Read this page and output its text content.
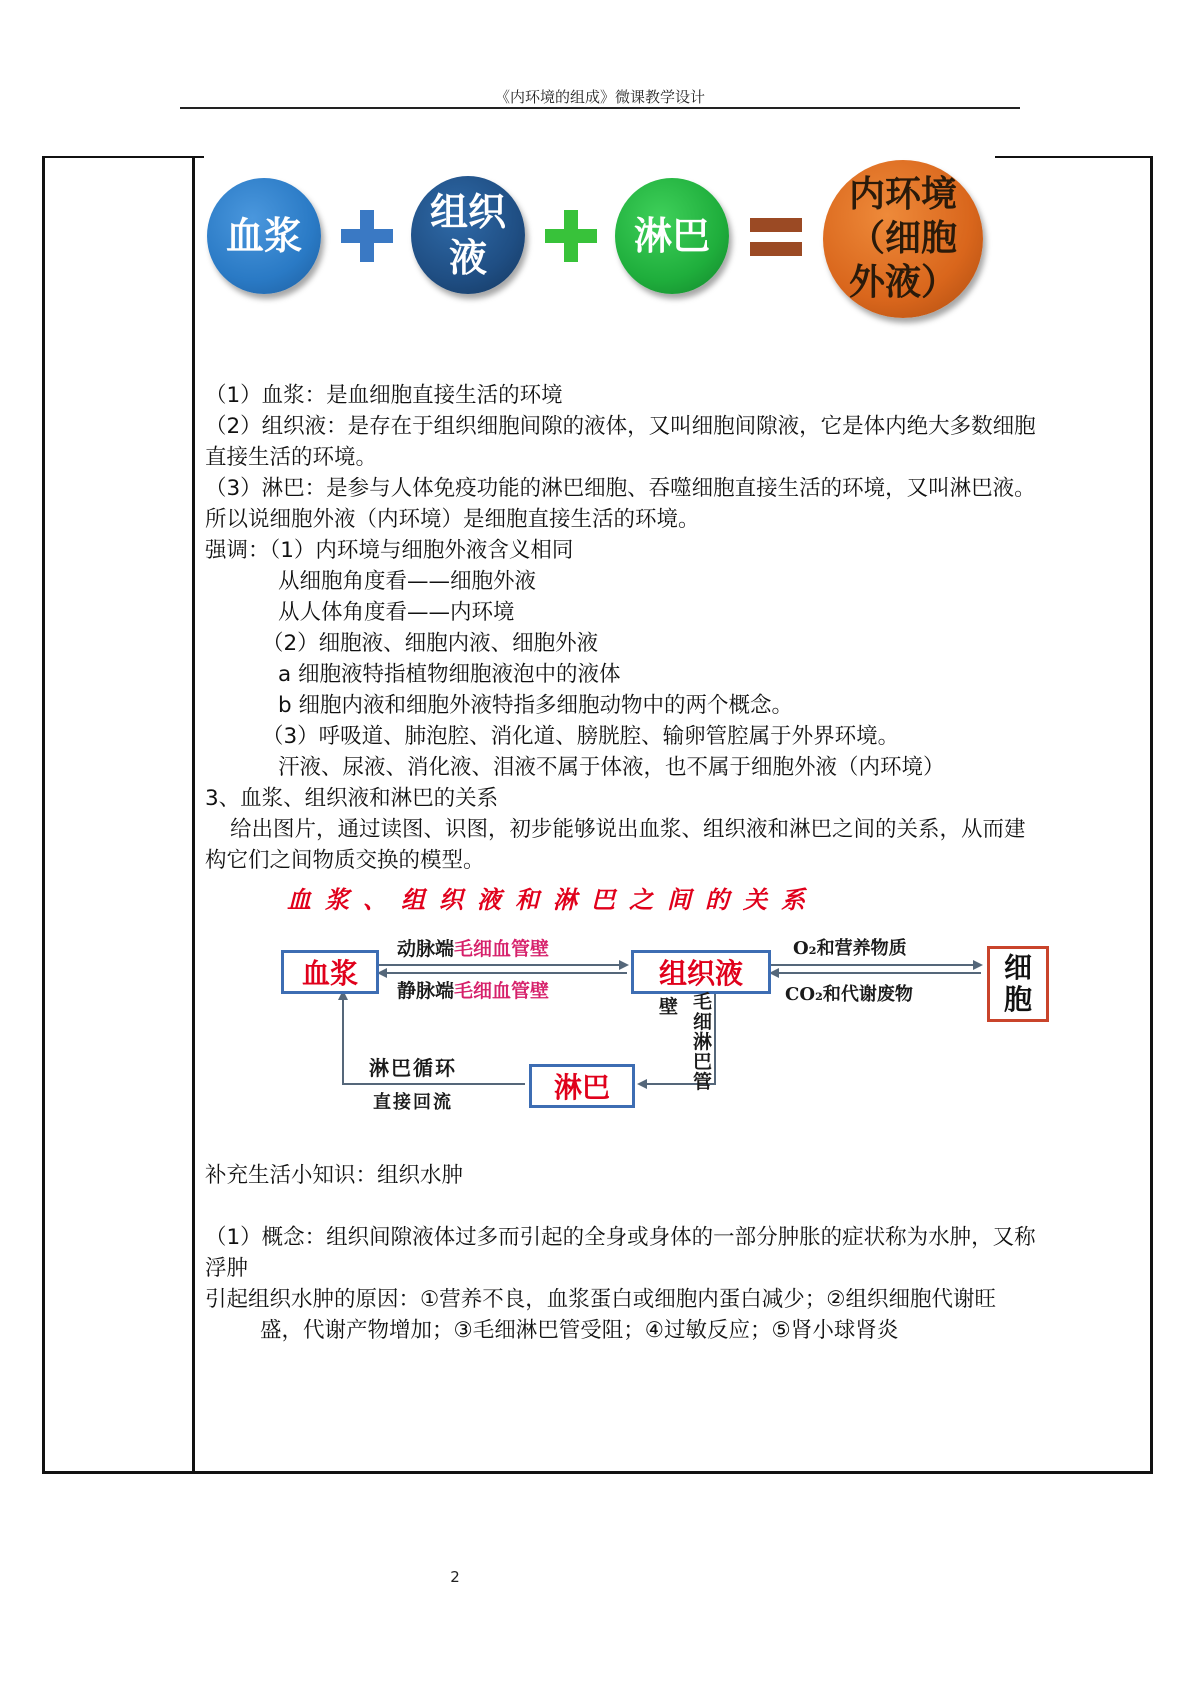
《内环境的组成》微课教学设计
血浆
组织
液	淋巴
内环境
（细胞
外液）
（1）血浆：是血细胞直接生活的环境
（2）组织液：是存在于组织细胞间隙的液体，又叫细胞间隙液，它是体内绝大多数细胞
直接生活的环境。
（3）淋巴：是参与人体免疫功能的淋巴细胞、吞噬细胞直接生活的环境，又叫淋巴液。
所以说细胞外液（内环境）是细胞直接生活的环境。
强调：（1）内环境与细胞外液含义相同
从细胞角度看——细胞外液
从人体角度看——内环境
（2）细胞液、细胞内液、细胞外液
a 细胞液特指植物细胞液泡中的液体
b 细胞内液和细胞外液特指多细胞动物中的两个概念。
（3）呼吸道、肺泡腔、消化道、膀胱腔、输卵管腔属于外界环境。
汗液、尿液、消化液、泪液不属于体液，也不属于细胞外液（内环境）
3、血浆、组织液和淋巴的关系
给出图片，通过读图、识图，初步能够说出血浆、组织液和淋巴之间的关系，从而建
构它们之间物质交换的模型。
血浆、组织液和淋巴之间的关系
血浆	组织液	细
胞
淋巴
动脉端毛细血管壁
静脉端毛细血管壁
O₂和营养物质
CO₂和代谢废物
壁 毛细淋巴管
淋巴循环
直接回流
补充生活小知识：组织水肿
（1）概念：组织间隙液体过多而引起的全身或身体的一部分肿胀的症状称为水肿，又称
浮肿
引起组织水肿的原因：①营养不良，血浆蛋白或细胞内蛋白减少；②组织细胞代谢旺
盛，代谢产物增加；③毛细淋巴管受阻；④过敏反应；⑤肾小球肾炎
2
